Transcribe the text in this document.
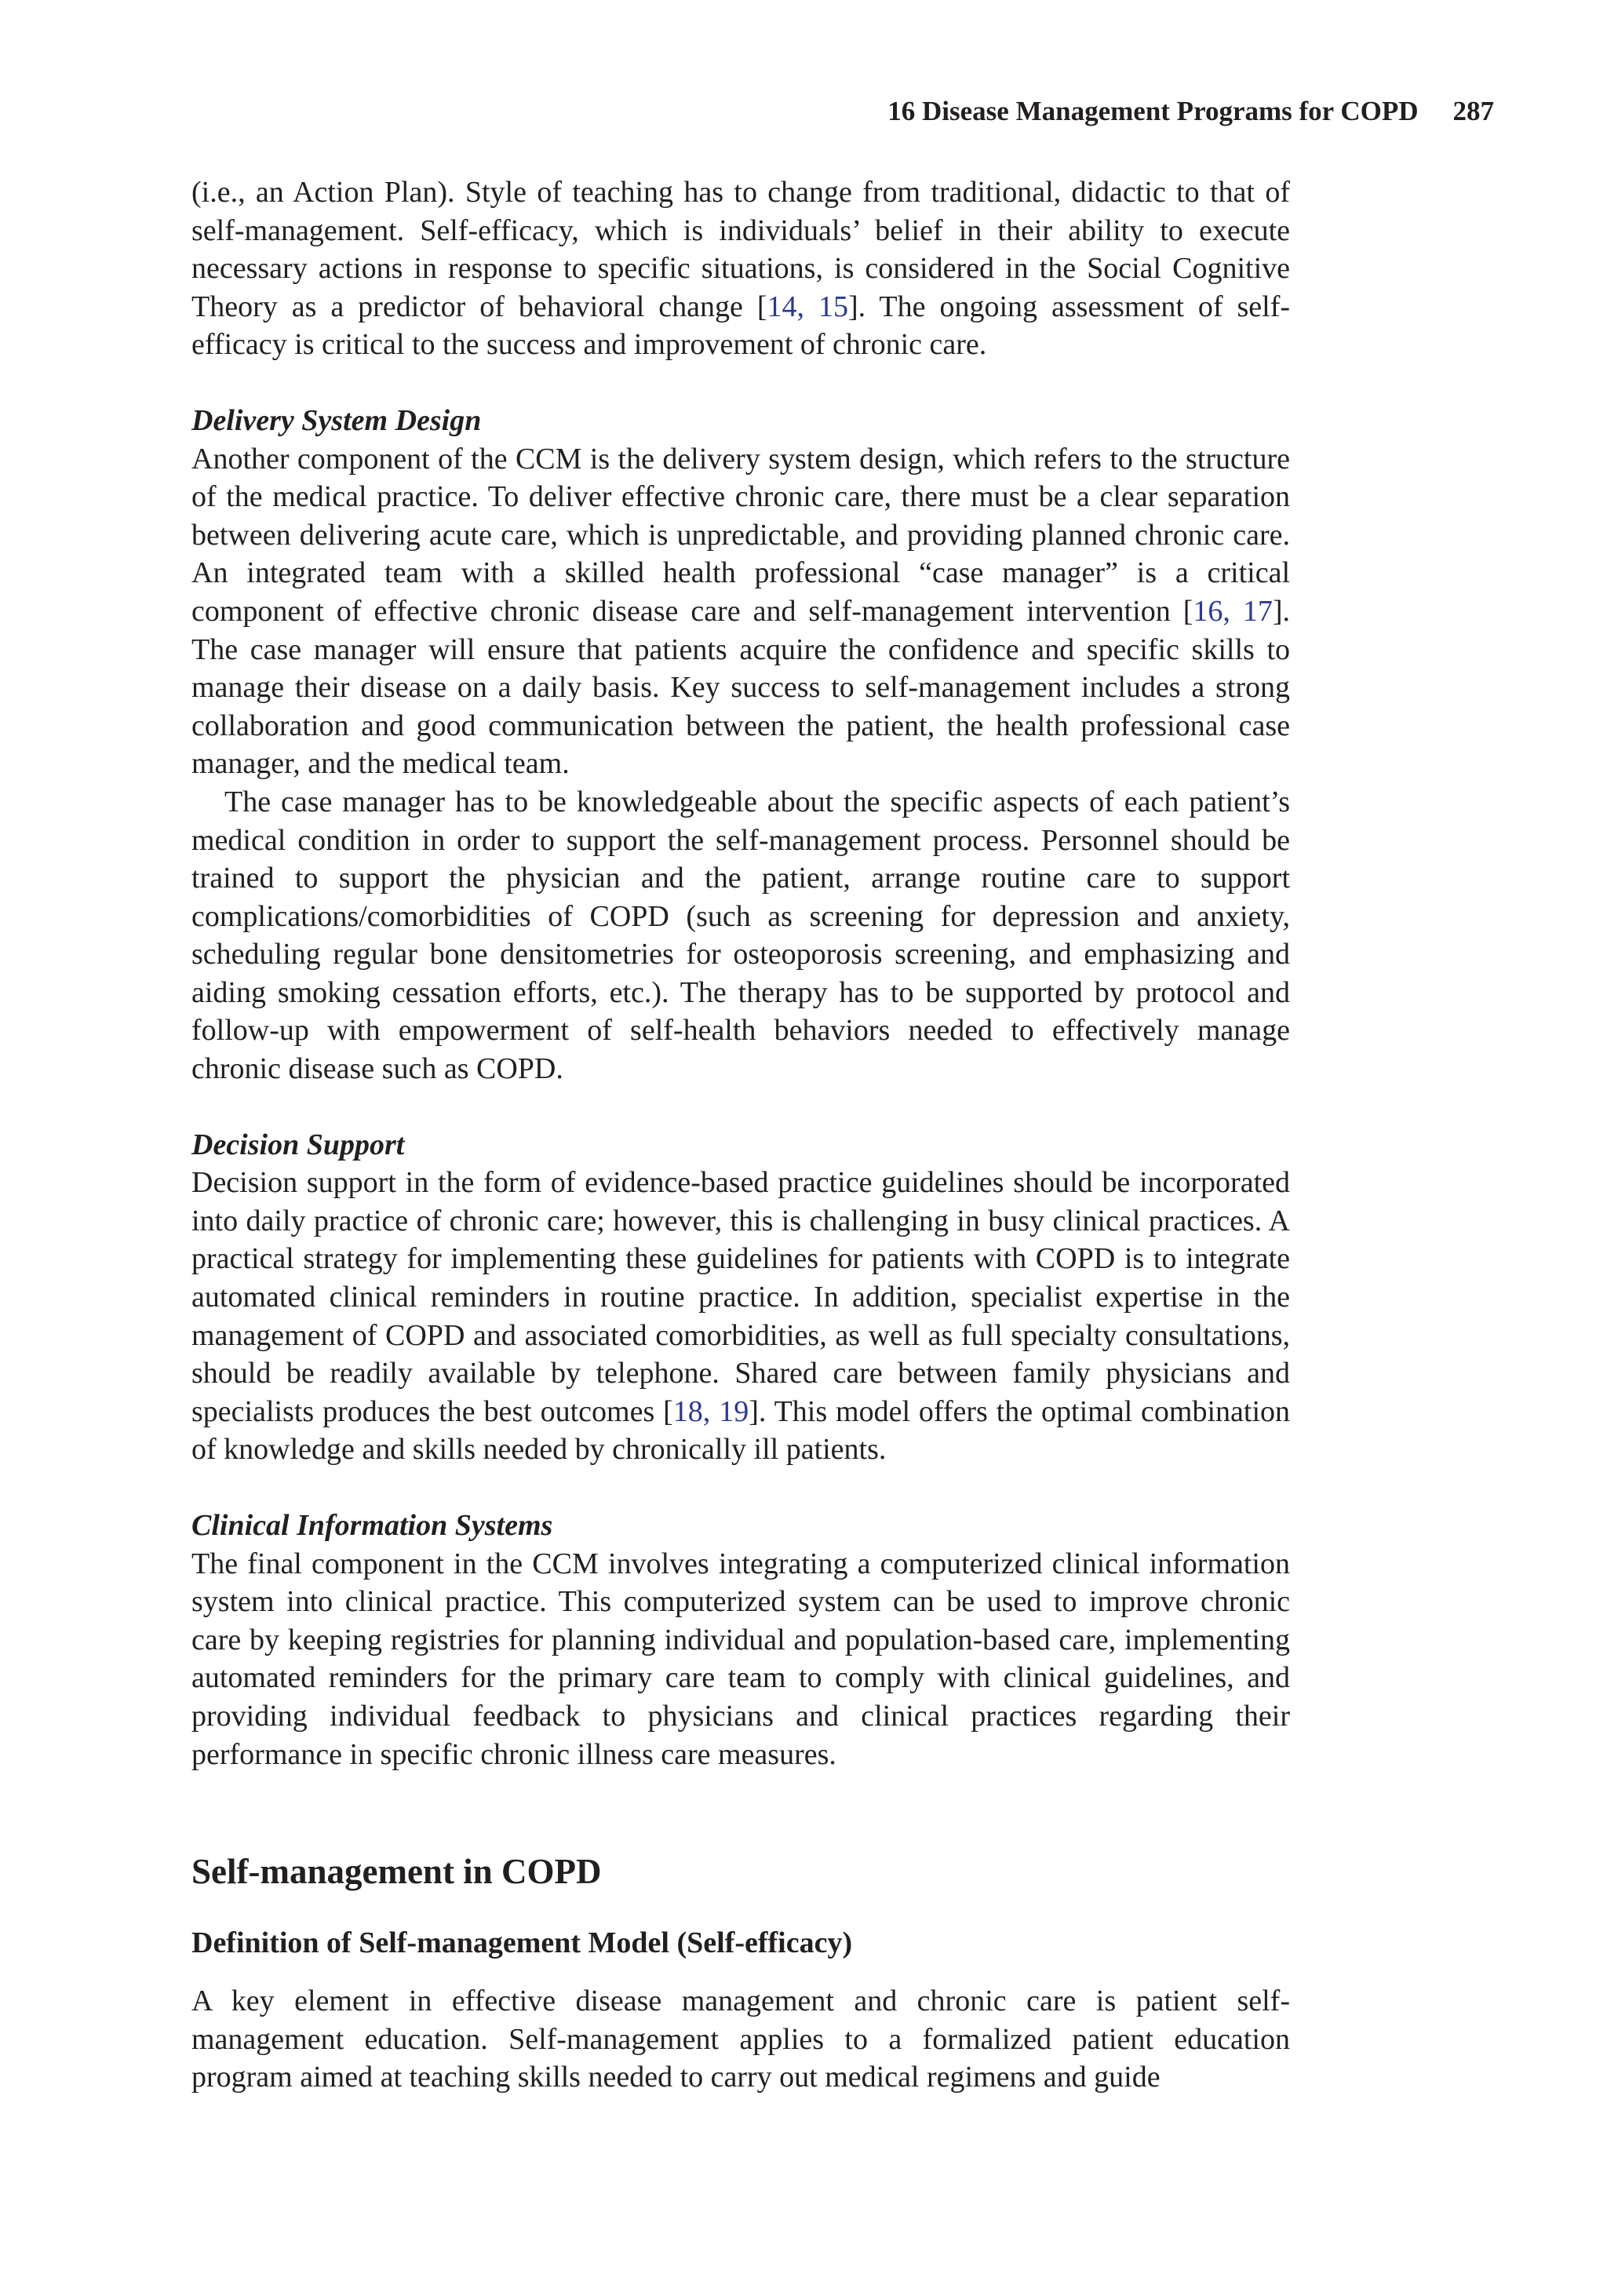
16 Disease Management Programs for COPD 287

(i.e., an Action Plan). Style of teaching has to change from traditional, didactic to that of self-management. Self-efficacy, which is individuals’ belief in their ability to execute necessary actions in response to specific situations, is considered in the Social Cognitive Theory as a predictor of behavioral change [14, 15]. The ongoing assessment of self-efficacy is critical to the success and improvement of chronic care.

Delivery System Design

Another component of the CCM is the delivery system design, which refers to the structure of the medical practice. To deliver effective chronic care, there must be a clear separation between delivering acute care, which is unpredictable, and providing planned chronic care. An integrated team with a skilled health professional “case manager” is a critical component of effective chronic disease care and self-management intervention [16, 17]. The case manager will ensure that patients acquire the confidence and specific skills to manage their disease on a daily basis. Key success to self-management includes a strong collaboration and good communication between the patient, the health professional case manager, and the medical team.

The case manager has to be knowledgeable about the specific aspects of each patient’s medical condition in order to support the self-management process. Personnel should be trained to support the physician and the patient, arrange routine care to support complications/comorbidities of COPD (such as screening for depression and anxiety, scheduling regular bone densitometries for osteoporosis screening, and emphasizing and aiding smoking cessation efforts, etc.). The therapy has to be supported by protocol and follow-up with empowerment of self-health behaviors needed to effectively manage chronic disease such as COPD.

Decision Support

Decision support in the form of evidence-based practice guidelines should be incorporated into daily practice of chronic care; however, this is challenging in busy clinical practices. A practical strategy for implementing these guidelines for patients with COPD is to integrate automated clinical reminders in routine practice. In addition, specialist expertise in the management of COPD and associated comorbidities, as well as full specialty consultations, should be readily available by telephone. Shared care between family physicians and specialists produces the best outcomes [18, 19]. This model offers the optimal combination of knowledge and skills needed by chronically ill patients.

Clinical Information Systems

The final component in the CCM involves integrating a computerized clinical information system into clinical practice. This computerized system can be used to improve chronic care by keeping registries for planning individual and population-based care, implementing automated reminders for the primary care team to comply with clinical guidelines, and providing individual feedback to physicians and clinical practices regarding their performance in specific chronic illness care measures.

Self-management in COPD
Definition of Self-management Model (Self-efficacy)

A key element in effective disease management and chronic care is patient self-management education. Self-management applies to a formalized patient education program aimed at teaching skills needed to carry out medical regimens and guide
